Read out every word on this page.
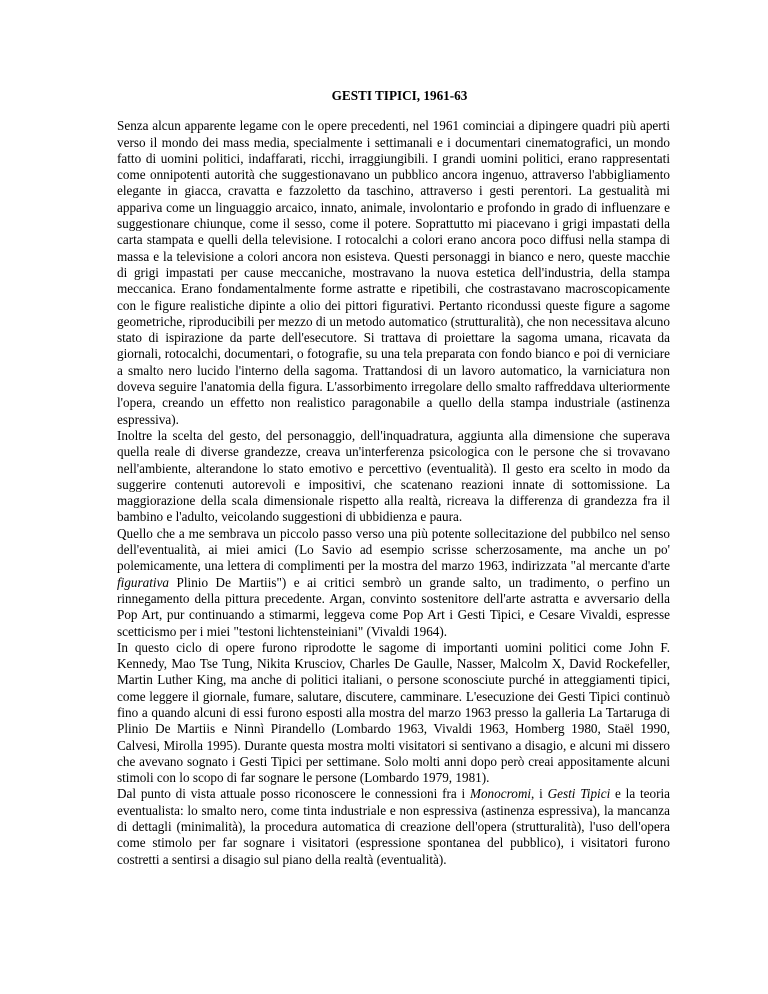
GESTI TIPICI, 1961-63

Senza alcun apparente legame con le opere precedenti, nel 1961 cominciai a dipingere quadri più aperti verso il mondo dei mass media, specialmente i settimanali e i documentari cinematografici, un mondo fatto di uomini politici, indaffarati, ricchi, irraggiungibili. I grandi uomini politici, erano rappresentati come onnipotenti autorità che suggestionavano un pubblico ancora ingenuo, attraverso l'abbigliamento elegante in giacca, cravatta e fazzoletto da taschino, attraverso i gesti perentori. La gestualità mi appariva come un linguaggio arcaico, innato, animale, involontario e profondo in grado di influenzare e suggestionare chiunque, come il sesso, come il potere. Soprattutto mi piacevano i grigi impastati della carta stampata e quelli della televisione. I rotocalchi a colori erano ancora poco diffusi nella stampa di massa e la televisione a colori ancora non esisteva. Questi personaggi in bianco e nero, queste macchie di grigi impastati per cause meccaniche, mostravano la nuova estetica dell'industria, della stampa meccanica. Erano fondamentalmente forme astratte e ripetibili, che costrastavano macroscopicamente con le figure realistiche dipinte a olio dei pittori figurativi. Pertanto ricondussi queste figure a sagome geometriche, riproducibili per mezzo di un metodo automatico (strutturalità), che non necessitava alcuno stato di ispirazione da parte dell'esecutore. Si trattava di proiettare la sagoma umana, ricavata da giornali, rotocalchi, documentari, o fotografie, su una tela preparata con fondo bianco e poi di verniciare a smalto nero lucido l'interno della sagoma. Trattandosi di un lavoro automatico, la varniciatura non doveva seguire l'anatomia della figura. L'assorbimento irregolare dello smalto raffreddava ulteriormente l'opera, creando un effetto non realistico paragonabile a quello della stampa industriale (astinenza espressiva).

Inoltre la scelta del gesto, del personaggio, dell'inquadratura, aggiunta alla dimensione che superava quella reale di diverse grandezze, creava un'interferenza psicologica con le persone che si trovavano nell'ambiente, alterandone lo stato emotivo e percettivo (eventualità). Il gesto era scelto in modo da suggerire contenuti autorevoli e impositivi, che scatenano reazioni innate di sottomissione. La maggiorazione della scala dimensionale rispetto alla realtà, ricreava la differenza di grandezza fra il bambino e l'adulto, veicolando suggestioni di ubbidienza e paura.

Quello che a me sembrava un piccolo passo verso una più potente sollecitazione del pubbilco nel senso dell'eventualità, ai miei amici (Lo Savio ad esempio scrisse scherzosamente, ma anche un po' polemicamente, una lettera di complimenti per la mostra del marzo 1963, indirizzata "al mercante d'arte figurativa Plinio De Martiis") e ai critici sembrò un grande salto, un tradimento, o perfino un rinnegamento della pittura precedente. Argan, convinto sostenitore dell'arte astratta e avversario della Pop Art, pur continuando a stimarmi, leggeva come Pop Art i Gesti Tipici, e Cesare Vivaldi, espresse scetticismo per i miei "testoni lichtensteiniani" (Vivaldi 1964).

In questo ciclo di opere furono riprodotte le sagome di importanti uomini politici come John F. Kennedy, Mao Tse Tung, Nikita Krusciov, Charles De Gaulle, Nasser, Malcolm X, David Rockefeller, Martin Luther King, ma anche di politici italiani, o persone sconosciute purché in atteggiamenti tipici, come leggere il giornale, fumare, salutare, discutere, camminare. L'esecuzione dei Gesti Tipici continuò fino a quando alcuni di essi furono esposti alla mostra del marzo 1963 presso la galleria La Tartaruga di Plinio De Martiis e Ninnì Pirandello (Lombardo 1963, Vivaldi 1963, Homberg 1980, Staël 1990, Calvesi, Mirolla 1995). Durante questa mostra molti visitatori si sentivano a disagio, e alcuni mi dissero che avevano sognato i Gesti Tipici per settimane. Solo molti anni dopo però creai appositamente alcuni stimoli con lo scopo di far sognare le persone (Lombardo 1979, 1981).

Dal punto di vista attuale posso riconoscere le connessioni fra i Monocromi, i Gesti Tipici e la teoria eventualista: lo smalto nero, come tinta industriale e non espressiva (astinenza espressiva), la mancanza di dettagli (minimalità), la procedura automatica di creazione dell'opera (strutturalità), l'uso dell'opera come stimolo per far sognare i visitatori (espressione spontanea del pubblico), i visitatori furono costretti a sentirsi a disagio sul piano della realtà (eventualità).
